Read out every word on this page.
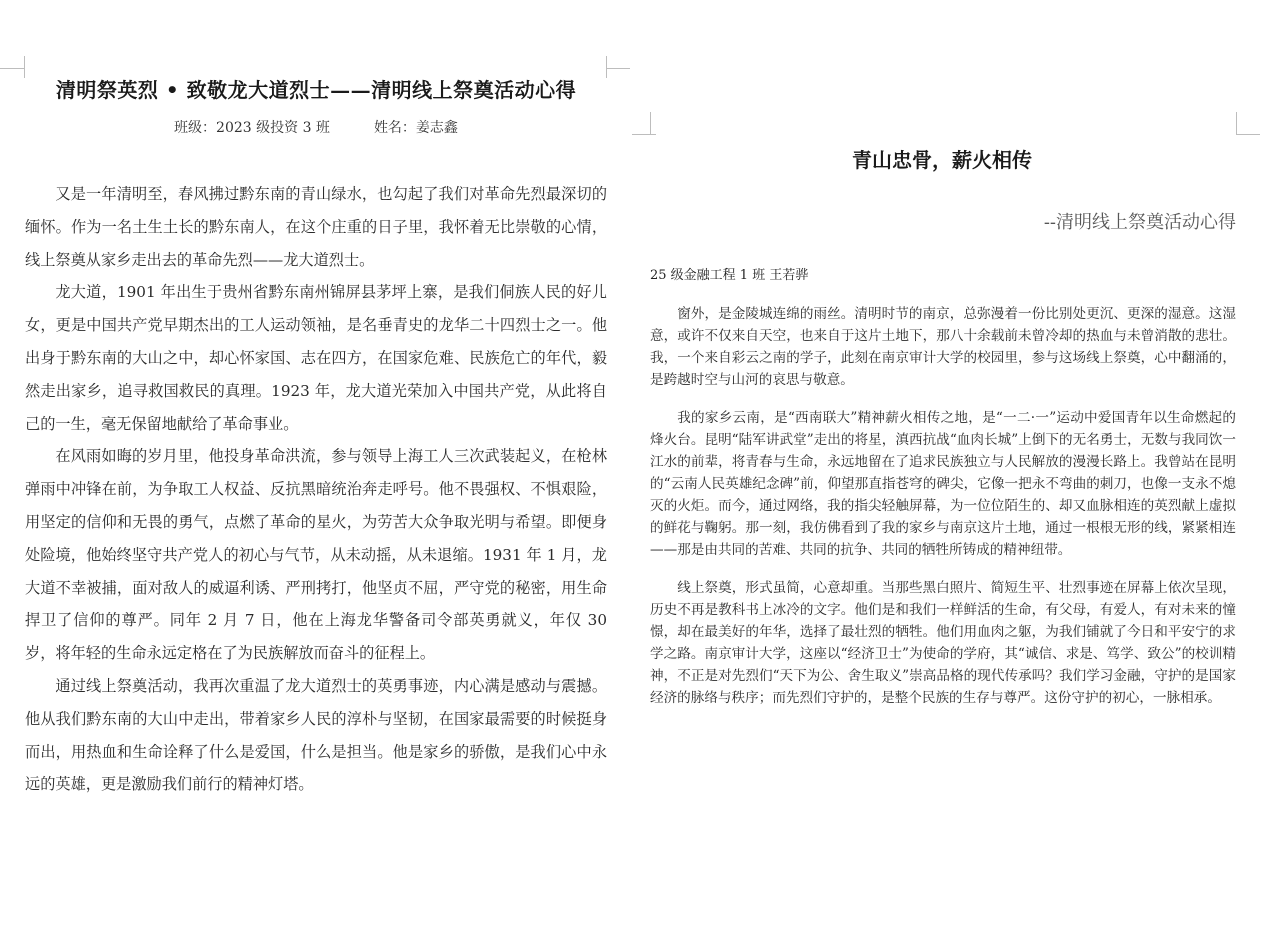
清明祭英烈 • 致敬龙大道烈士——清明线上祭奠活动心得
班级：2023 级投资 3 班	姓名：姜志鑫

又是一年清明至，春风拂过黔东南的青山绿水，也勾起了我们对革命先烈最深切的缅怀。作为一名土生土长的黔东南人，在这个庄重的日子里，我怀着无比崇敬的心情，线上祭奠从家乡走出去的革命先烈——龙大道烈士。

龙大道，1901 年出生于贵州省黔东南州锦屏县茅坪上寨，是我们侗族人民的好儿女，更是中国共产党早期杰出的工人运动领袖，是名垂青史的龙华二十四烈士之一。他出身于黔东南的大山之中，却心怀家国、志在四方，在国家危难、民族危亡的年代，毅然走出家乡，追寻救国救民的真理。1923 年，龙大道光荣加入中国共产党，从此将自己的一生，毫无保留地献给了革命事业。

在风雨如晦的岁月里，他投身革命洪流，参与领导上海工人三次武装起义，在枪林弹雨中冲锋在前，为争取工人权益、反抗黑暗统治奔走呼号。他不畏强权、不惧艰险，用坚定的信仰和无畏的勇气，点燃了革命的星火，为劳苦大众争取光明与希望。即便身处险境，他始终坚守共产党人的初心与气节，从未动摇，从未退缩。1931 年 1 月，龙大道不幸被捕，面对敌人的威逼利诱、严刑拷打，他坚贞不屈，严守党的秘密，用生命捍卫了信仰的尊严。同年 2 月 7 日，他在上海龙华警备司令部英勇就义，年仅 30 岁，将年轻的生命永远定格在了为民族解放而奋斗的征程上。

通过线上祭奠活动，我再次重温了龙大道烈士的英勇事迹，内心满是感动与震撼。他从我们黔东南的大山中走出，带着家乡人民的淳朴与坚韧，在国家最需要的时候挺身而出，用热血和生命诠释了什么是爱国，什么是担当。他是家乡的骄傲，是我们心中永远的英雄，更是激励我们前行的精神灯塔。

青山忠骨，薪火相传
--清明线上祭奠活动心得
25 级金融工程 1 班 王若骅

窗外，是金陵城连绵的雨丝。清明时节的南京，总弥漫着一份比别处更沉、更深的湿意。这湿意，或许不仅来自天空，也来自于这片土地下，那八十余载前未曾冷却的热血与未曾消散的悲壮。我，一个来自彩云之南的学子，此刻在南京审计大学的校园里，参与这场线上祭奠，心中翻涌的，是跨越时空与山河的哀思与敬意。

我的家乡云南，是“西南联大”精神薪火相传之地，是“一二·一”运动中爱国青年以生命燃起的烽火台。昆明“陆军讲武堂”走出的将星，滇西抗战“血肉长城”上倒下的无名勇士，无数与我同饮一江水的前辈，将青春与生命，永远地留在了追求民族独立与人民解放的漫漫长路上。我曾站在昆明的“云南人民英雄纪念碑”前，仰望那直指苍穹的碑尖，它像一把永不弯曲的刺刀，也像一支永不熄灭的火炬。而今，通过网络，我的指尖轻触屏幕，为一位位陌生的、却又血脉相连的英烈献上虚拟的鲜花与鞠躬。那一刻，我仿佛看到了我的家乡与南京这片土地，通过一根根无形的线，紧紧相连——那是由共同的苦难、共同的抗争、共同的牺牲所铸成的精神纽带。

线上祭奠，形式虽简，心意却重。当那些黑白照片、简短生平、壮烈事迹在屏幕上依次呈现，历史不再是教科书上冰冷的文字。他们是和我们一样鲜活的生命，有父母，有爱人，有对未来的憧憬，却在最美好的年华，选择了最壮烈的牺牲。他们用血肉之躯，为我们铺就了今日和平安宁的求学之路。南京审计大学，这座以“经济卫士”为使命的学府，其“诚信、求是、笃学、致公”的校训精神，不正是对先烈们“天下为公、舍生取义”崇高品格的现代传承吗？我们学习金融，守护的是国家经济的脉络与秩序；而先烈们守护的，是整个民族的生存与尊严。这份守护的初心，一脉相承。
